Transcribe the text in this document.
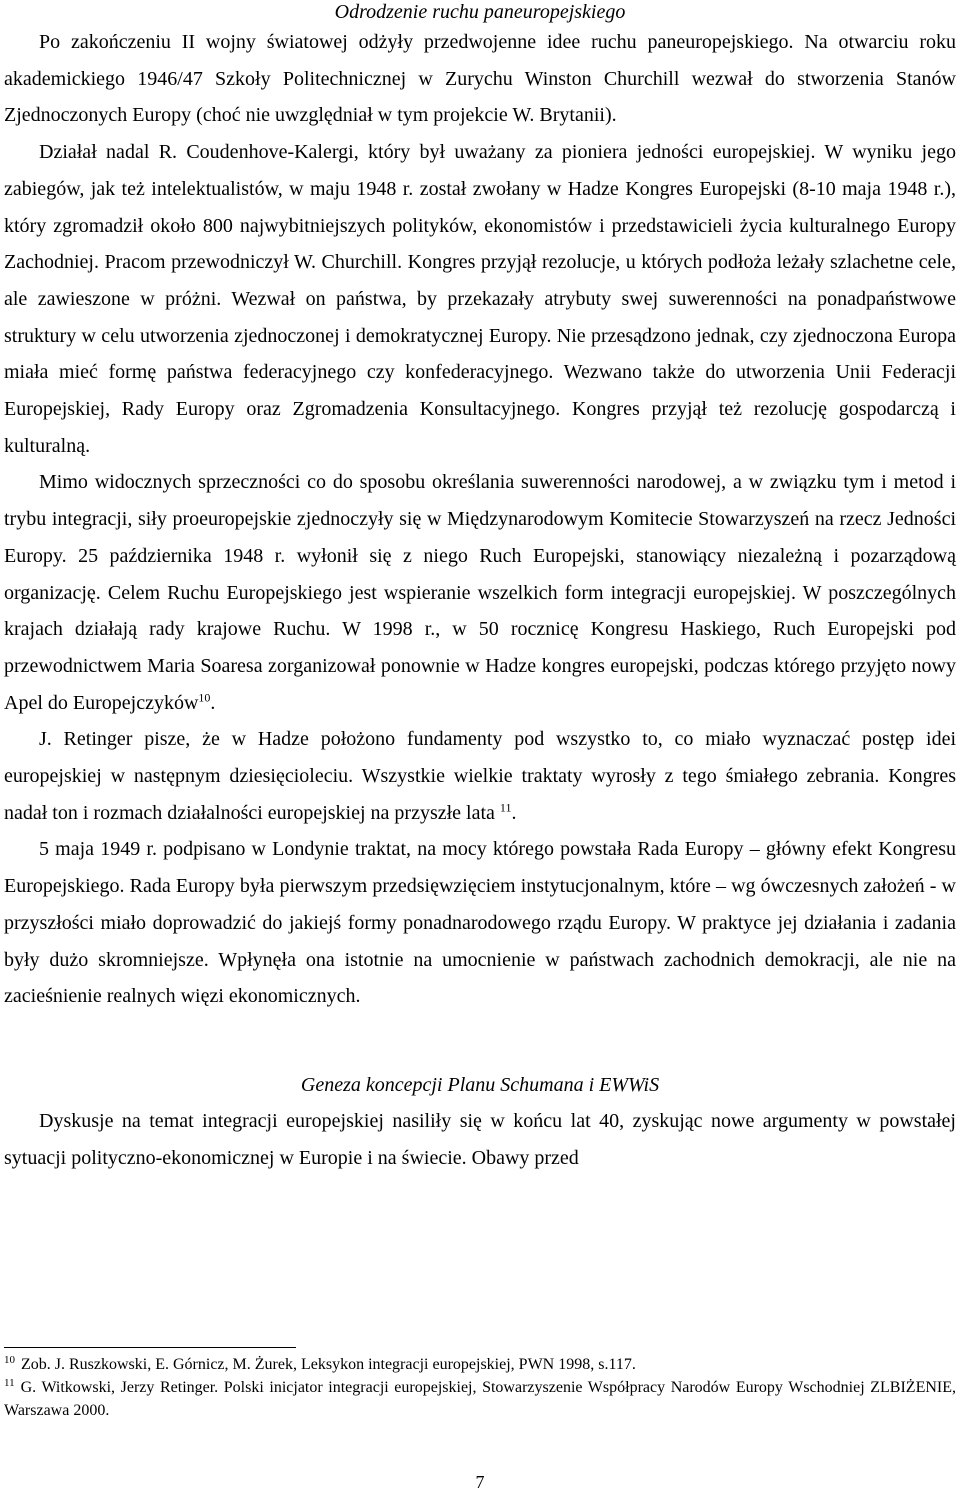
Odrodzenie ruchu paneuropejskiego

Po zakończeniu II wojny światowej odżyły przedwojenne idee ruchu paneuropejskiego. Na otwarciu roku akademickiego 1946/47 Szkoły Politechnicznej w Zurychu Winston Churchill wezwał do stworzenia Stanów Zjednoczonych Europy (choć nie uwzględniał w tym projekcie W. Brytanii).

Działał nadal R. Coudenhove-Kalergi, który był uważany za pioniera jedności europejskiej. W wyniku jego zabiegów, jak też intelektualistów, w maju 1948 r. został zwołany w Hadze Kongres Europejski (8-10 maja 1948 r.), który zgromadził około 800 najwybitniejszych polityków, ekonomistów i przedstawicieli życia kulturalnego Europy Zachodniej. Pracom przewodniczył W. Churchill. Kongres przyjął rezolucje, u których podłoża leżały szlachetne cele, ale zawieszone w próżni. Wezwał on państwa, by przekazały atrybuty swej suwerenności na ponadpaństwowe struktury w celu utworzenia zjednoczonej i demokratycznej Europy. Nie przesądzono jednak, czy zjednoczona Europa miała mieć formę państwa federacyjnego czy konfederacyjnego. Wezwano także do utworzenia Unii Federacji Europejskiej, Rady Europy oraz Zgromadzenia Konsultacyjnego. Kongres przyjął też rezolucję gospodarczą i kulturalną.

Mimo widocznych sprzeczności co do sposobu określania suwerenności narodowej, a w związku tym i metod i trybu integracji, siły proeuropejskie zjednoczyły się w Międzynarodowym Komitecie Stowarzyszeń na rzecz Jedności Europy. 25 października 1948 r. wyłonił się z niego Ruch Europejski, stanowiący niezależną i pozarządową organizację. Celem Ruchu Europejskiego jest wspieranie wszelkich form integracji europejskiej. W poszczególnych krajach działają rady krajowe Ruchu. W 1998 r., w 50 rocznicę Kongresu Haskiego, Ruch Europejski pod przewodnictwem Maria Soaresa zorganizował ponownie w Hadze kongres europejski, podczas którego przyjęto nowy Apel do Europejczyków$^{10}$.

J. Retinger pisze, że w Hadze położono fundamenty pod wszystko to, co miało wyznaczać postęp idei europejskiej w następnym dziesięcioleciu. Wszystkie wielkie traktaty wyrosły z tego śmiałego zebrania. Kongres nadał ton i rozmach działalności europejskiej na przyszłe lata $^{11}$.

5 maja 1949 r. podpisano w Londynie traktat, na mocy którego powstała Rada Europy – główny efekt Kongresu Europejskiego. Rada Europy była pierwszym przedsięwzięciem instytucjonalnym, które – wg ówczesnych założeń - w przyszłości miało doprowadzić do jakiejś formy ponadnarodowego rządu Europy. W praktyce jej działania i zadania były dużo skromniejsze. Wpłynęła ona istotnie na umocnienie w państwach zachodnich demokracji, ale nie na zacieśnienie realnych więzi ekonomicznych.

Geneza koncepcji Planu Schumana i EWWiS

Dyskusje na temat integracji europejskiej nasiliły się w końcu lat 40, zyskując nowe argumenty w powstałej sytuacji polityczno-ekonomicznej w Europie i na świecie. Obawy przed

$^{10}$ Zob. J. Ruszkowski, E. Górnicz, M. Żurek, Leksykon integracji europejskiej, PWN 1998, s.117.

$^{11}$ G. Witkowski, Jerzy Retinger. Polski inicjator integracji europejskiej, Stowarzyszenie Współpracy Narodów Europy Wschodniej ZLBIŻENIE, Warszawa 2000.

7
